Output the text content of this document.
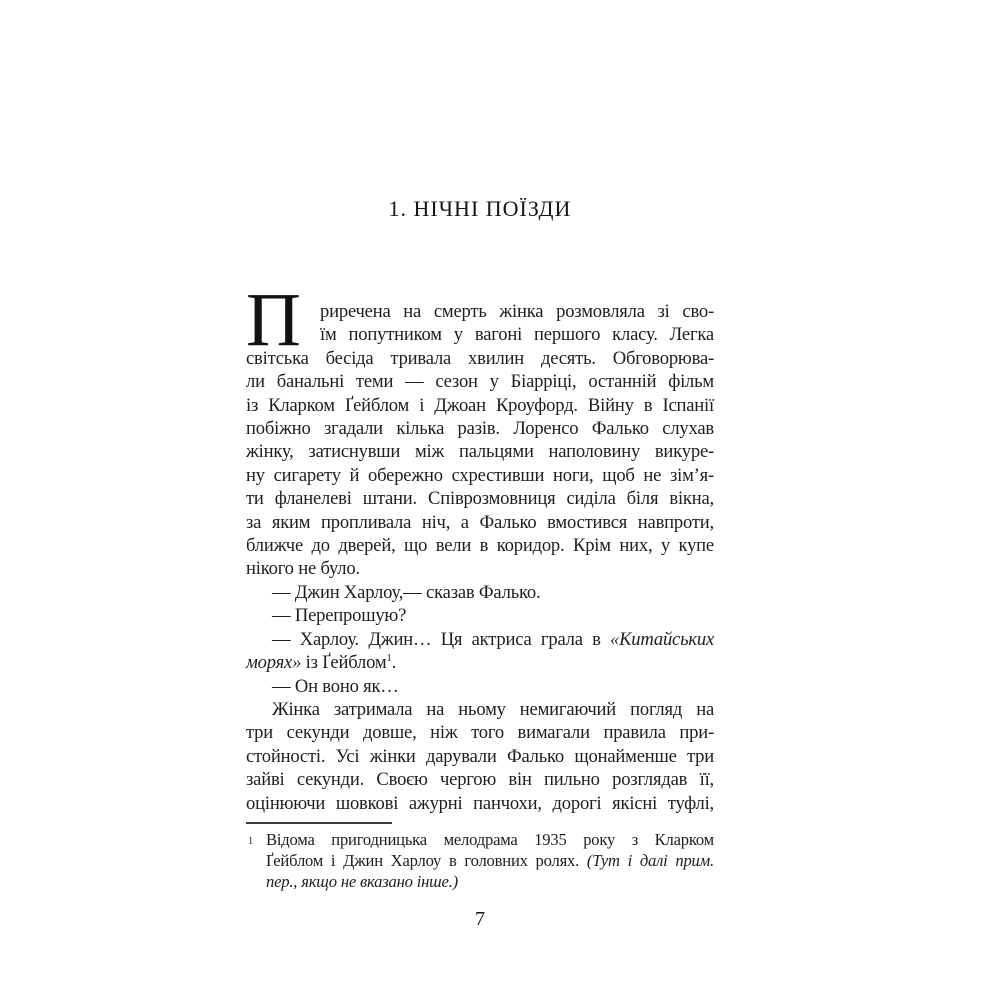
1. НІЧНІ ПОЇЗДИ
П	риречена на смерть жінка розмовляла зі сво-
їм попутником у вагоні першого класу. Легка
світська бесіда тривала хвилин десять. Обговорюва-
ли банальні теми — сезон у Біарріці, останній фільм
із Кларком Ґейблом і Джоан Кроуфорд. Війну в Іспанії
побіжно згадали кілька разів. Лоренсо Фалько слухав
жінку, затиснувши між пальцями наполовину викуре-
ну сигарету й обережно схрестивши ноги, щоб не зім’я-
ти фланелеві штани. Співрозмовниця сиділа біля вікна,
за яким пропливала ніч, а Фалько вмостився навпроти,
ближче до дверей, що вели в коридор. Крім них, у купе
нікого не було.
— Джин Харлоу,— сказав Фалько.
— Перепрошую?
— Харлоу. Джин… Ця актриса грала в «Китайських
морях» із Ґейблом$^1$.
— Он воно як…
Жінка затримала на ньому немигаючий погляд на
три секунди довше, ніж того вимагали правила при-
стойності. Усі жінки дарували Фалько щонайменше три
зайві секунди. Своєю чергою він пильно розглядав її,
оцінюючи шовкові ажурні панчохи, дорогі якісні туфлі,
1 Відома пригодницька мелодрама 1935 року з Кларком
Ґейблом і Джин Харлоу в головних ролях. (Тут і далі прим.
пер., якщо не вказано інше.)
7
